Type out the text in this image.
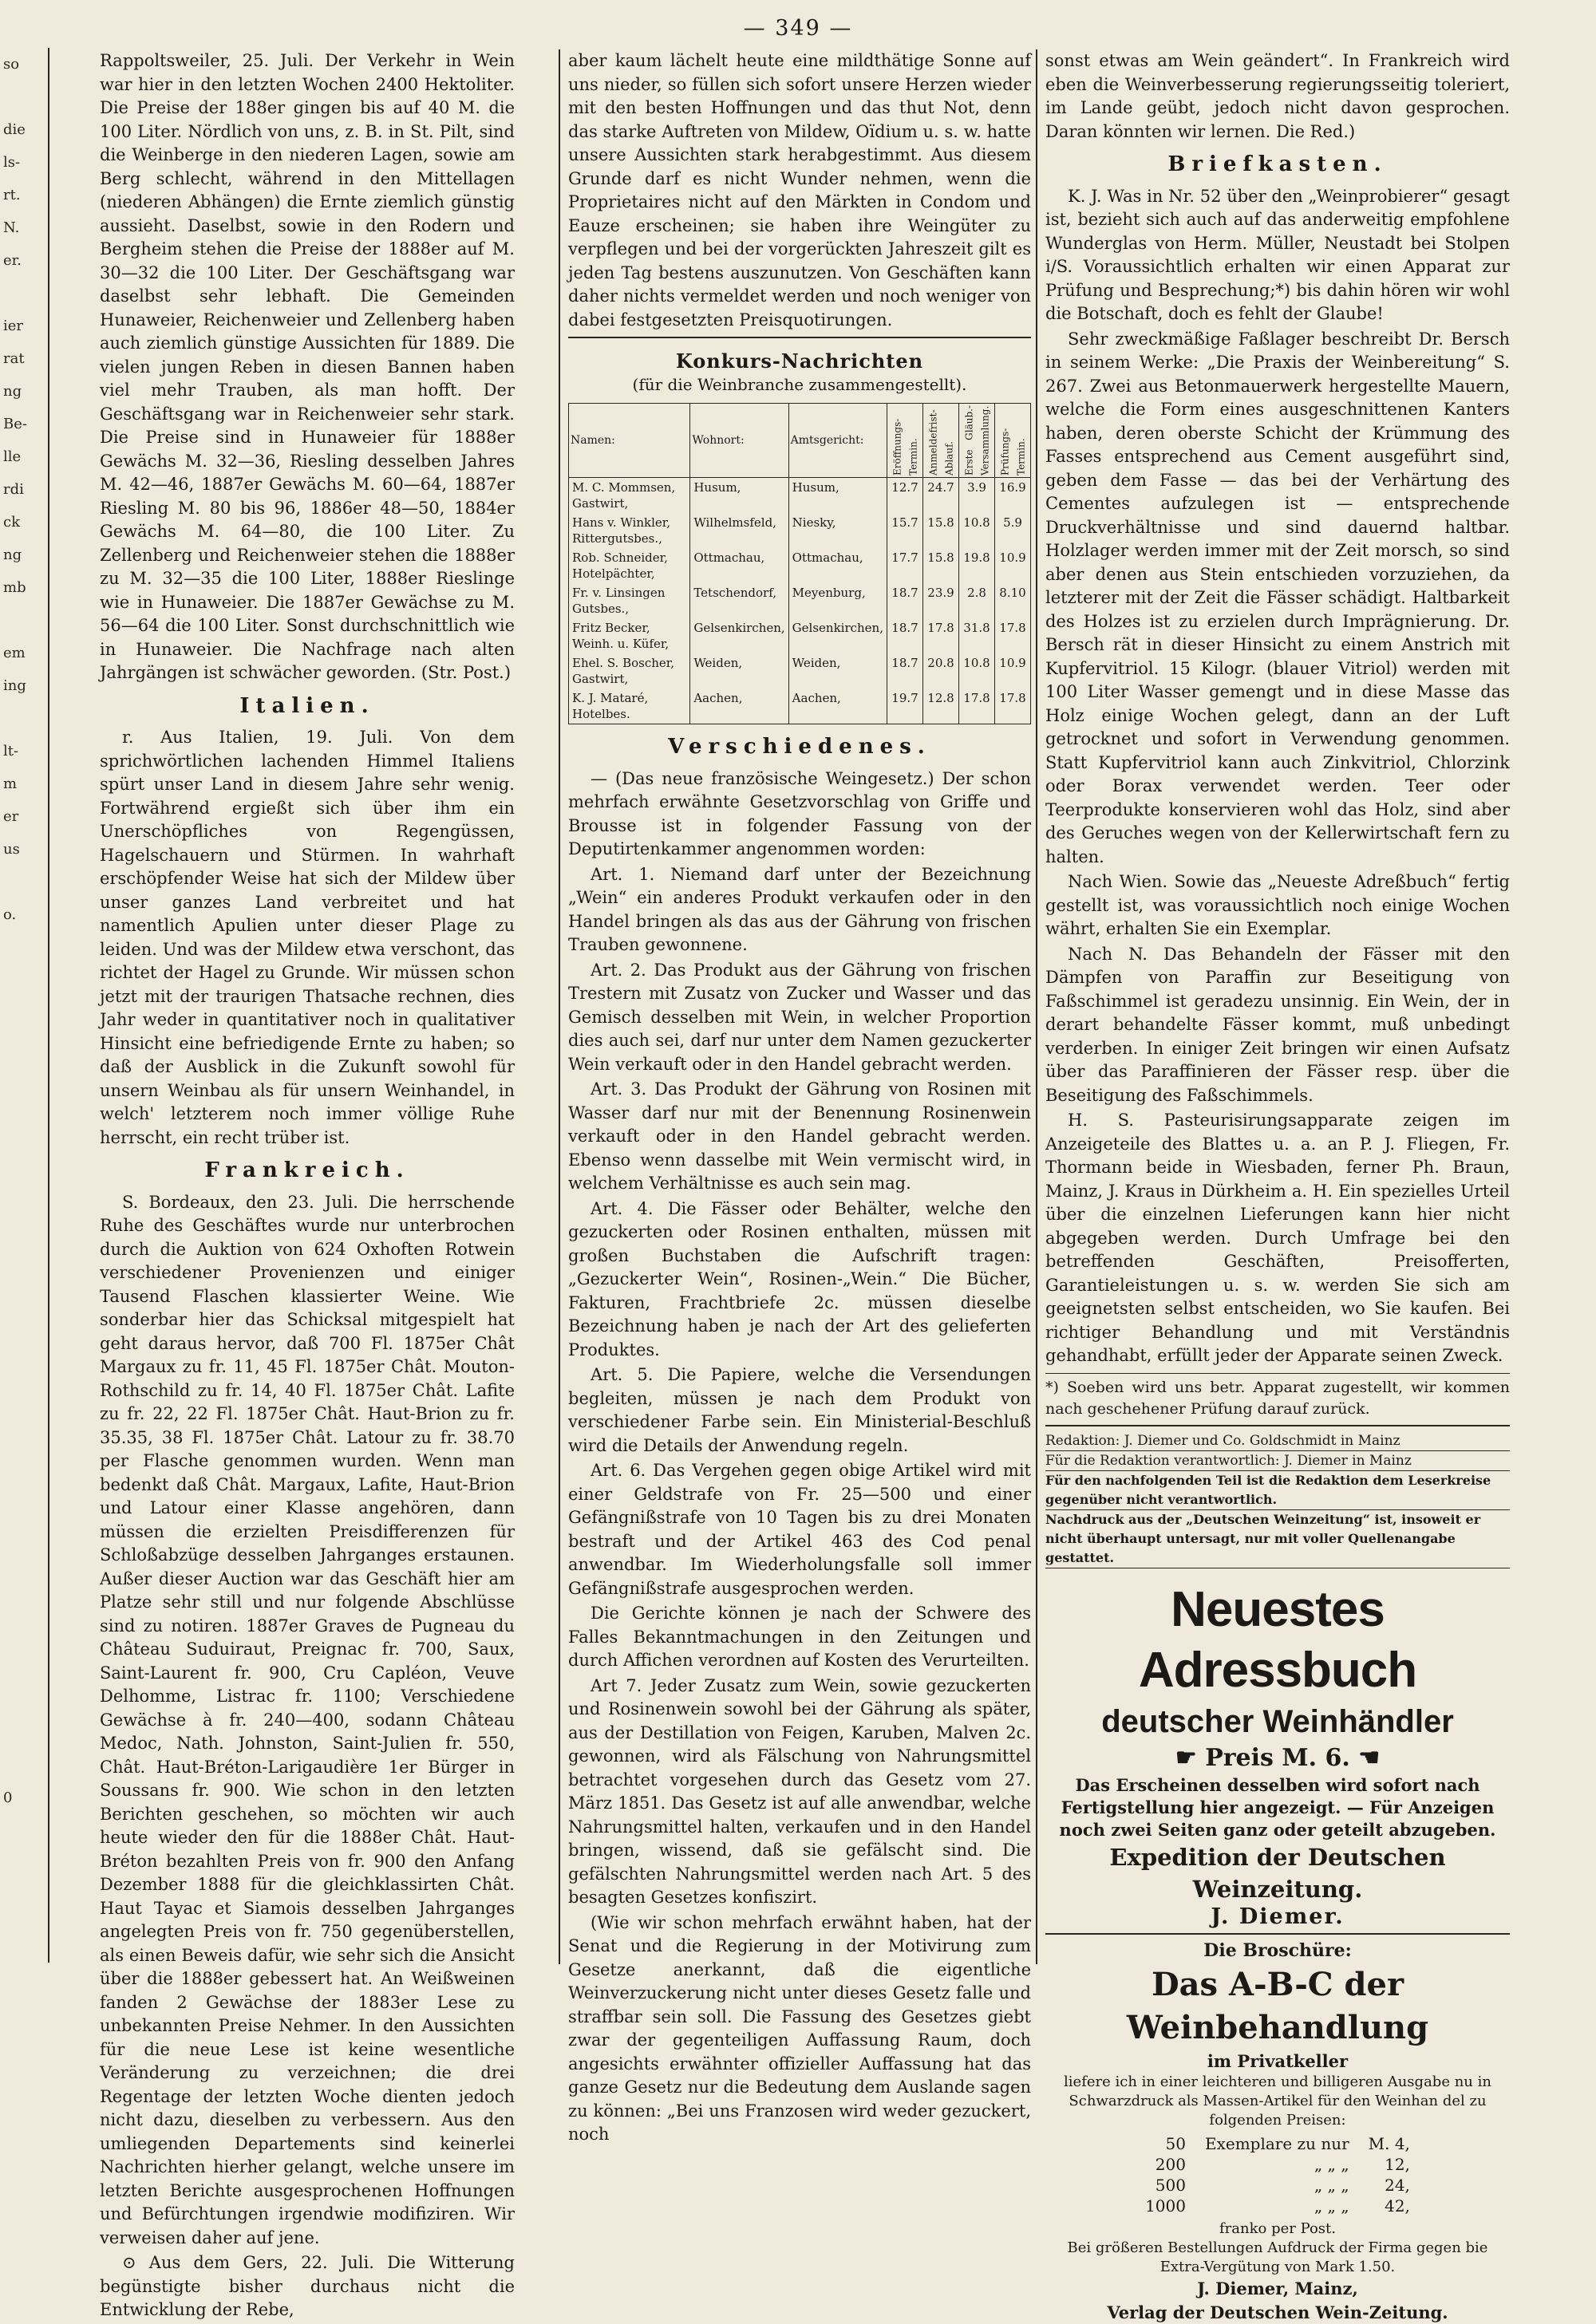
— 349 —
so

die
ls-
rt.
N.
er.

ier
rat
ng
Be-
lle
rdi
ck
ng
mb

em
ing

lt-
m
er
us

o.

0

Rappoltsweiler, 25. Juli. Der Verkehr in Wein war hier in den letzten Wochen 2400 Hektoliter. Die Preise der 188er gingen bis auf 40 M. die 100 Liter. Nördlich von uns, z. B. in St. Pilt, sind die Weinberge in den niederen Lagen, sowie am Berg schlecht, während in den Mittellagen (niederen Abhängen) die Ernte ziemlich günstig aussieht. Daselbst, sowie in den Rodern und Bergheim stehen die Preise der 1888er auf M. 30—32 die 100 Liter. Der Geschäftsgang war daselbst sehr lebhaft. Die Gemeinden Hunaweier, Reichenweier und Zellenberg haben auch ziemlich günstige Aussichten für 1889. Die vielen jungen Reben in diesen Bannen haben viel mehr Trauben, als man hofft. Der Geschäftsgang war in Reichenweier sehr stark. Die Preise sind in Hunaweier für 1888er Gewächs M. 32—36, Riesling desselben Jahres M. 42—46, 1887er Gewächs M. 60—64, 1887er Riesling M. 80 bis 96, 1886er 48—50, 1884er Gewächs M. 64—80, die 100 Liter. Zu Zellenberg und Reichenweier stehen die 1888er zu M. 32—35 die 100 Liter, 1888er Rieslinge wie in Hunaweier. Die 1887er Gewächse zu M. 56—64 die 100 Liter. Sonst durchschnittlich wie in Hunaweier. Die Nachfrage nach alten Jahrgängen ist schwächer geworden. (Str. Post.)

Italien.

r. Aus Italien, 19. Juli. Von dem sprichwörtlichen lachenden Himmel Italiens spürt unser Land in diesem Jahre sehr wenig. Fortwährend ergießt sich über ihm ein Unerschöpfliches von Regengüssen, Hagelschauern und Stürmen. In wahrhaft erschöpfender Weise hat sich der Mildew über unser ganzes Land verbreitet und hat namentlich Apulien unter dieser Plage zu leiden. Und was der Mildew etwa verschont, das richtet der Hagel zu Grunde. Wir müssen schon jetzt mit der traurigen Thatsache rechnen, dies Jahr weder in quantitativer noch in qualitativer Hinsicht eine befriedigende Ernte zu haben; so daß der Ausblick in die Zukunft sowohl für unsern Weinbau als für unsern Weinhandel, in welch' letzterem noch immer völlige Ruhe herrscht, ein recht trüber ist.

Frankreich.

S. Bordeaux, den 23. Juli. Die herrschende Ruhe des Geschäftes wurde nur unterbrochen durch die Auktion von 624 Oxhoften Rotwein verschiedener Provenienzen und einiger Tausend Flaschen klassierter Weine. Wie sonderbar hier das Schicksal mitgespielt hat geht daraus hervor, daß 700 Fl. 1875er Chât Margaux zu fr. 11, 45 Fl. 1875er Chât. Mouton-Rothschild zu fr. 14, 40 Fl. 1875er Chât. Lafite zu fr. 22, 22 Fl. 1875er Chât. Haut-Brion zu fr. 35.35, 38 Fl. 1875er Chât. Latour zu fr. 38.70 per Flasche genommen wurden. Wenn man bedenkt daß Chât. Margaux, Lafite, Haut-Brion und Latour einer Klasse angehören, dann müssen die erzielten Preisdifferenzen für Schloßabzüge desselben Jahrganges erstaunen. Außer dieser Auction war das Geschäft hier am Platze sehr still und nur folgende Abschlüsse sind zu notiren. 1887er Graves de Pugneau du Château Suduiraut, Preignac fr. 700, Saux, Saint-Laurent fr. 900, Cru Capléon, Veuve Delhomme, Listrac fr. 1100; Verschiedene Gewächse à fr. 240—400, sodann Château Medoc, Nath. Johnston, Saint-Julien fr. 550, Chât. Haut-Bréton-Larigaudière 1er Bürger in Soussans fr. 900. Wie schon in den letzten Berichten geschehen, so möchten wir auch heute wieder den für die 1888er Chât. Haut-Bréton bezahlten Preis von fr. 900 den Anfang Dezember 1888 für die gleichklassirten Chât. Haut Tayac et Siamois desselben Jahrganges angelegten Preis von fr. 750 gegenüberstellen, als einen Beweis dafür, wie sehr sich die Ansicht über die 1888er gebessert hat. An Weißweinen fanden 2 Gewächse der 1883er Lese zu unbekannten Preise Nehmer. In den Aussichten für die neue Lese ist keine wesentliche Veränderung zu verzeichnen; die drei Regentage der letzten Woche dienten jedoch nicht dazu, dieselben zu verbessern. Aus den umliegenden Departements sind keinerlei Nachrichten hierher gelangt, welche unsere im letzten Berichte ausgesprochenen Hoffnungen und Befürchtungen irgendwie modifiziren. Wir verweisen daher auf jene.

⊙ Aus dem Gers, 22. Juli. Die Witterung begünstigte bisher durchaus nicht die Entwicklung der Rebe,

aber kaum lächelt heute eine mildthätige Sonne auf uns nieder, so füllen sich sofort unsere Herzen wieder mit den besten Hoffnungen und das thut Not, denn das starke Auftreten von Mildew, Oïdium u. s. w. hatte unsere Aussichten stark herabgestimmt. Aus diesem Grunde darf es nicht Wunder nehmen, wenn die Proprietaires nicht auf den Märkten in Condom und Eauze erscheinen; sie haben ihre Weingüter zu verpflegen und bei der vorgerückten Jahreszeit gilt es jeden Tag bestens auszunutzen. Von Geschäften kann daher nichts vermeldet werden und noch weniger von dabei festgesetzten Preisquotirungen.

Konkurs-Nachrichten
(für die Weinbranche zusammengestellt).
Namen:	Wohnort:	Amtsgericht:	Eröffnungs-Termin.	Anmeldefrist-Ablauf.	Erste Gläub.-Versammlung.	Prüfungs-Termin.
M. C. Mommsen, Gastwirt,	Husum,	Husum,	12.7	24.7	3.9	16.9
Hans v. Winkler, Rittergutsbes.,	Wilhelmsfeld,	Niesky,	15.7	15.8	10.8	5.9
Rob. Schneider, Hotelpächter,	Ottmachau,	Ottmachau,	17.7	15.8	19.8	10.9
Fr. v. Linsingen Gutsbes.,	Tetschendorf,	Meyenburg,	18.7	23.9	2.8	8.10
Fritz Becker, Weinh. u. Küfer,	Gelsenkirchen,	Gelsenkirchen,	18.7	17.8	31.8	17.8
Ehel. S. Boscher, Gastwirt,	Weiden,	Weiden,	18.7	20.8	10.8	10.9
K. J. Mataré, Hotelbes.	Aachen,	Aachen,	19.7	12.8	17.8	17.8
Verschiedenes.

— (Das neue französische Weingesetz.) Der schon mehrfach erwähnte Gesetzvorschlag von Griffe und Brousse ist in folgender Fassung von der Deputirtenkammer angenommen worden:

Art. 1. Niemand darf unter der Bezeichnung „Wein“ ein anderes Produkt verkaufen oder in den Handel bringen als das aus der Gährung von frischen Trauben gewonnene.

Art. 2. Das Produkt aus der Gährung von frischen Trestern mit Zusatz von Zucker und Wasser und das Gemisch desselben mit Wein, in welcher Proportion dies auch sei, darf nur unter dem Namen gezuckerter Wein verkauft oder in den Handel gebracht werden.

Art. 3. Das Produkt der Gährung von Rosinen mit Wasser darf nur mit der Benennung Rosinenwein verkauft oder in den Handel gebracht werden. Ebenso wenn dasselbe mit Wein vermischt wird, in welchem Verhältnisse es auch sein mag.

Art. 4. Die Fässer oder Behälter, welche den gezuckerten oder Rosinen enthalten, müssen mit großen Buchstaben die Aufschrift tragen: „Gezuckerter Wein“, Rosinen-„Wein.“ Die Bücher, Fakturen, Frachtbriefe 2c. müssen dieselbe Bezeichnung haben je nach der Art des gelieferten Produktes.

Art. 5. Die Papiere, welche die Versendungen begleiten, müssen je nach dem Produkt von verschiedener Farbe sein. Ein Ministerial-Beschluß wird die Details der Anwendung regeln.

Art. 6. Das Vergehen gegen obige Artikel wird mit einer Geldstrafe von Fr. 25—500 und einer Gefängnißstrafe von 10 Tagen bis zu drei Monaten bestraft und der Artikel 463 des Cod penal anwendbar. Im Wiederholungsfalle soll immer Gefängnißstrafe ausgesprochen werden.

Die Gerichte können je nach der Schwere des Falles Bekanntmachungen in den Zeitungen und durch Affichen verordnen auf Kosten des Verurteilten.

Art 7. Jeder Zusatz zum Wein, sowie gezuckerten und Rosinenwein sowohl bei der Gährung als später, aus der Destillation von Feigen, Karuben, Malven 2c. gewonnen, wird als Fälschung von Nahrungsmittel betrachtet vorgesehen durch das Gesetz vom 27. März 1851. Das Gesetz ist auf alle anwendbar, welche Nahrungsmittel halten, verkaufen und in den Handel bringen, wissend, daß sie gefälscht sind. Die gefälschten Nahrungsmittel werden nach Art. 5 des besagten Gesetzes konfiszirt.

(Wie wir schon mehrfach erwähnt haben, hat der Senat und die Regierung in der Motivirung zum Gesetze anerkannt, daß die eigentliche Weinverzuckerung nicht unter dieses Gesetz falle und straffbar sein soll. Die Fassung des Gesetzes giebt zwar der gegenteiligen Auffassung Raum, doch angesichts erwähnter offizieller Auffassung hat das ganze Gesetz nur die Bedeutung dem Auslande sagen zu können: „Bei uns Franzosen wird weder gezuckert, noch

sonst etwas am Wein geändert“. In Frankreich wird eben die Weinverbesserung regierungsseitig toleriert, im Lande geübt, jedoch nicht davon gesprochen. Daran könnten wir lernen. Die Red.)

Briefkasten.

K. J. Was in Nr. 52 über den „Weinprobierer“ gesagt ist, bezieht sich auch auf das anderweitig empfohlene Wunderglas von Herm. Müller, Neustadt bei Stolpen i/S. Voraussichtlich erhalten wir einen Apparat zur Prüfung und Besprechung;*) bis dahin hören wir wohl die Botschaft, doch es fehlt der Glaube!

Sehr zweckmäßige Faßlager beschreibt Dr. Bersch in seinem Werke: „Die Praxis der Weinbereitung“ S. 267. Zwei aus Betonmauerwerk hergestellte Mauern, welche die Form eines ausgeschnittenen Kanters haben, deren oberste Schicht der Krümmung des Fasses entsprechend aus Cement ausgeführt sind, geben dem Fasse — das bei der Verhärtung des Cementes aufzulegen ist — entsprechende Druckverhältnisse und sind dauernd haltbar. Holzlager werden immer mit der Zeit morsch, so sind aber denen aus Stein entschieden vorzuziehen, da letzterer mit der Zeit die Fässer schädigt. Haltbarkeit des Holzes ist zu erzielen durch Imprägnierung. Dr. Bersch rät in dieser Hinsicht zu einem Anstrich mit Kupfervitriol. 15 Kilogr. (blauer Vitriol) werden mit 100 Liter Wasser gemengt und in diese Masse das Holz einige Wochen gelegt, dann an der Luft getrocknet und sofort in Verwendung genommen. Statt Kupfervitriol kann auch Zinkvitriol, Chlorzink oder Borax verwendet werden. Teer oder Teerprodukte konservieren wohl das Holz, sind aber des Geruches wegen von der Kellerwirtschaft fern zu halten.

Nach Wien. Sowie das „Neueste Adreßbuch“ fertig gestellt ist, was voraussichtlich noch einige Wochen währt, erhalten Sie ein Exemplar.

Nach N. Das Behandeln der Fässer mit den Dämpfen von Paraffin zur Beseitigung von Faßschimmel ist geradezu unsinnig. Ein Wein, der in derart behandelte Fässer kommt, muß unbedingt verderben. In einiger Zeit bringen wir einen Aufsatz über das Paraffinieren der Fässer resp. über die Beseitigung des Faßschimmels.

H. S. Pasteurisirungsapparate zeigen im Anzeigeteile des Blattes u. a. an P. J. Fliegen, Fr. Thormann beide in Wiesbaden, ferner Ph. Braun, Mainz, J. Kraus in Dürkheim a. H. Ein spezielles Urteil über die einzelnen Lieferungen kann hier nicht abgegeben werden. Durch Umfrage bei den betreffenden Geschäften, Preisofferten, Garantieleistungen u. s. w. werden Sie sich am geeignetsten selbst entscheiden, wo Sie kaufen. Bei richtiger Behandlung und mit Verständnis gehandhabt, erfüllt jeder der Apparate seinen Zweck.

*) Soeben wird uns betr. Apparat zugestellt, wir kommen nach geschehener Prüfung darauf zurück.
Redaktion: J. Diemer und Co. Goldschmidt in Mainz
Für die Redaktion verantwortlich: J. Diemer in Mainz
Für den nachfolgenden Teil ist die Redaktion dem Leserkreise gegenüber nicht verantwortlich.
Nachdruck aus der „Deutschen Weinzeitung“ ist, insoweit er nicht überhaupt untersagt, nur mit voller Quellenangabe gestattet.
Neuestes Adressbuch
deutscher Weinhändler
☛ Preis M. 6. ☚
Das Erscheinen desselben wird sofort nach Fertigstellung hier angezeigt. — Für Anzeigen noch zwei Seiten ganz oder geteilt abzugeben.
Expedition der Deutschen Weinzeitung.
J. Diemer.
Die Broschüre:
Das A-B-C der Weinbehandlung
im Privatkeller
liefere ich in einer leichteren und billigeren Ausgabe nu in Schwarzdruck als Massen-Artikel für den Weinhan del zu folgenden Preisen:
50	Exemplare zu nur	M. 4,
200	„ „ „	12,
500	„ „ „	24,
1000	„ „ „	42,
franko per Post.
Bei größeren Bestellungen Aufdruck der Firma gegen bie Extra-Vergütung von Mark 1.50.
J. Diemer, Mainz,
Verlag der Deutschen Wein-Zeitung.
